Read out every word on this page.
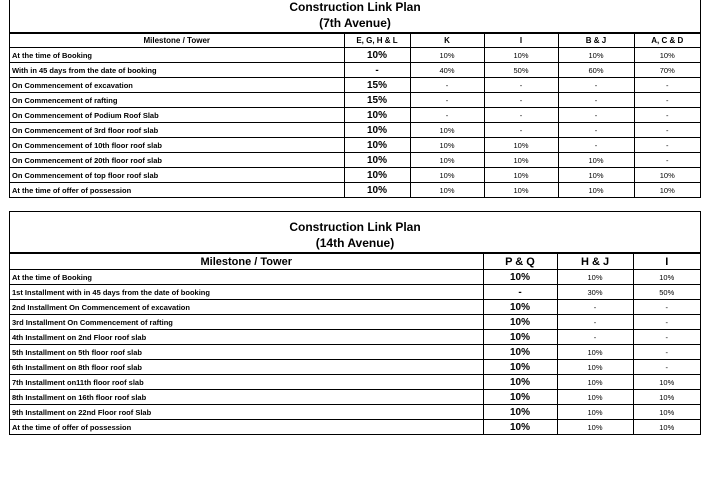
Construction Link Plan
(7th Avenue)
Milestone / Tower	E, G, H & L	K	I	B & J	A, C & D
At the time of Booking	10%	10%	10%	10%	10%
With in 45 days from the date of booking	-	40%	50%	60%	70%
On Commencement of excavation	15%	-	-	-	-
On Commencement of rafting	15%	-	-	-	-
On Commencement of Podium Roof Slab	10%	-	-	-	-
On Commencement of 3rd floor roof slab	10%	10%	-	-	-
On Commencement of 10th floor roof slab	10%	10%	10%	-	-
On Commencement of 20th floor roof slab	10%	10%	10%	10%	-
On Commencement of top floor roof slab	10%	10%	10%	10%	10%
At the time of offer of possession	10%	10%	10%	10%	10%
Construction Link Plan
(14th Avenue)
Milestone / Tower	P & Q	H & J	I
At the time of Booking	10%	10%	10%
1st Installment with in 45 days from the date of booking	-	30%	50%
2nd Installment On Commencement of excavation	10%	-	-
3rd Installment On Commencement of rafting	10%	-	-
4th Installment on 2nd Floor roof slab	10%	-	-
5th Installment on 5th floor roof slab	10%	10%	-
6th Installment on 8th floor roof slab	10%	10%	-
7th Installment on11th floor roof slab	10%	10%	10%
8th Installment on 16th floor roof slab	10%	10%	10%
9th Installment on 22nd Floor roof Slab	10%	10%	10%
At the time of offer of possession	10%	10%	10%
